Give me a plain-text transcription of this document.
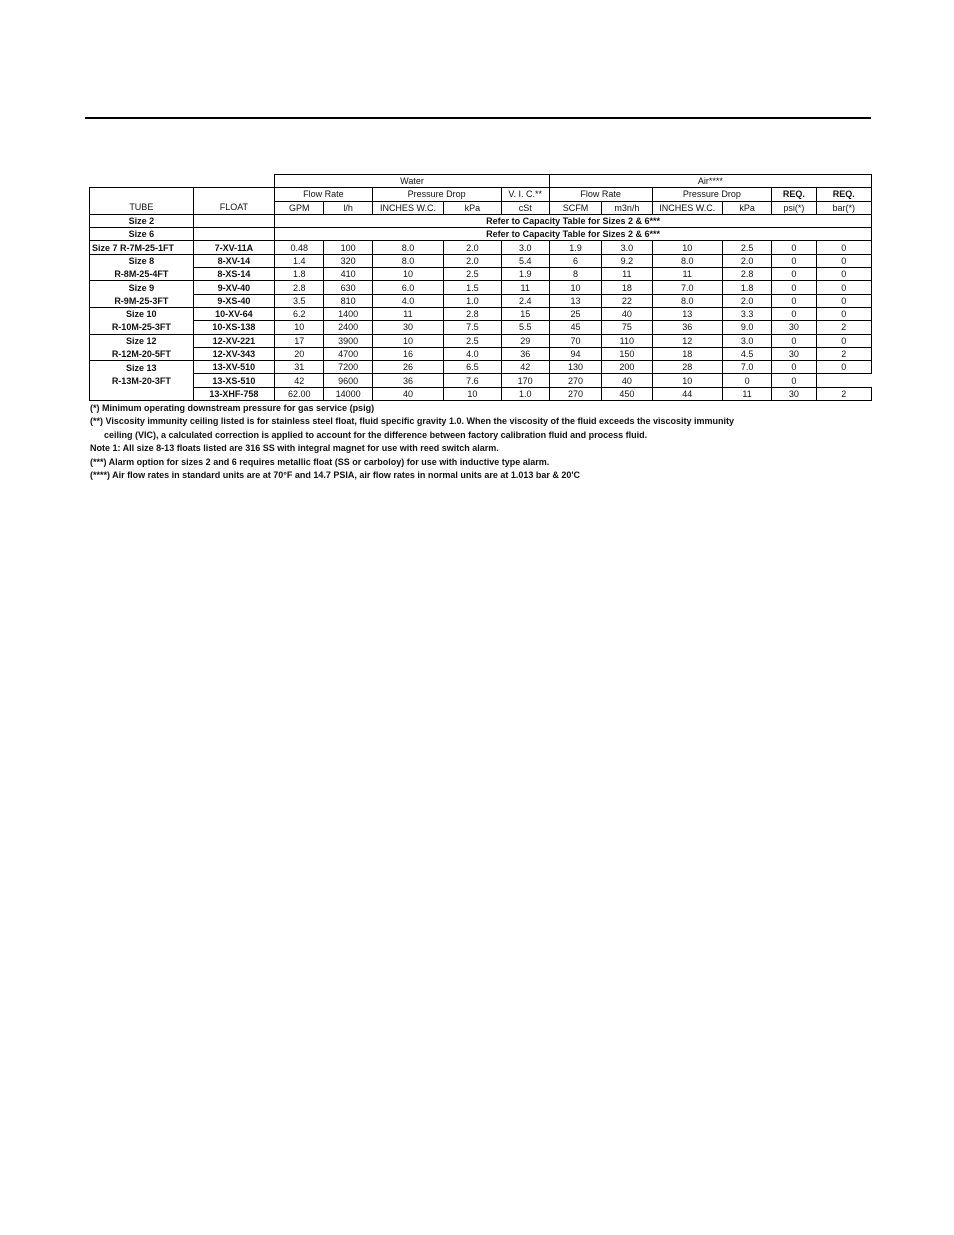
		Water					Air****					
		Flow Rate		Pressure Drop		V. I. C.**	Flow Rate		Pressure Drop		REQ.	REQ.
TUBE	FLOAT	GPM	l/h	INCHES W.C.	kPa	cSt	SCFM	m3n/h	INCHES W.C.	kPa	psi(*)	bar(*)
Size 2		Refer to Capacity Table for Sizes 2 & 6***										
Size 6		Refer to Capacity Table for Sizes 2 & 6***										
Size 7 R-7M-25-1FT	7-XV-11A	0.48	100	8.0	2.0	3.0	1.9	3.0	10	2.5	0	0
Size 8	8-XV-14	1.4	320	8.0	2.0	5.4	6	9.2	8.0	2.0	0	0
R-8M-25-4FT	8-XS-14	1.8	410	10	2.5	1.9	8	11	11	2.8	0	0
Size 9	9-XV-40	2.8	630	6.0	1.5	11	10	18	7.0	1.8	0	0
R-9M-25-3FT	9-XS-40	3.5	810	4.0	1.0	2.4	13	22	8.0	2.0	0	0
Size 10	10-XV-64	6.2	1400	11	2.8	15	25	40	13	3.3	0	0
R-10M-25-3FT	10-XS-138	10	2400	30	7.5	5.5	45	75	36	9.0	30	2
Size 12	12-XV-221	17	3900	10	2.5	29	70	110	12	3.0	0	0
R-12M-20-5FT	12-XV-343	20	4700	16	4.0	36	94	150	18	4.5	30	2
Size 13	13-XV-510	31	7200	26	6.5	42	130	200	28	7.0	0	0
R-13M-20-3FT	13-XS-510	42	9600	36	7.6	170	270	40	10	0	0	
	13-XHF-758	62.00	14000	40	10	1.0	270	450	44	11	30	2
(*) Minimum operating downstream pressure for gas service (psig)
(**) Viscosity immunity ceiling listed is for stainless steel float, fluid specific gravity 1.0. When the viscosity of the fluid exceeds the viscosity immunity
ceiling (VIC), a calculated correction is applied to account for the difference between factory calibration fluid and process fluid.
Note 1: All size 8-13 floats listed are 316 SS with integral magnet for use with reed switch alarm.
(***) Alarm option for sizes 2 and 6 requires metallic float (SS or carboloy) for use with inductive type alarm.
(****) Air flow rates in standard units are at 70°F and 14.7 PSIA, air flow rates in normal units are at 1.013 bar & 20'C
